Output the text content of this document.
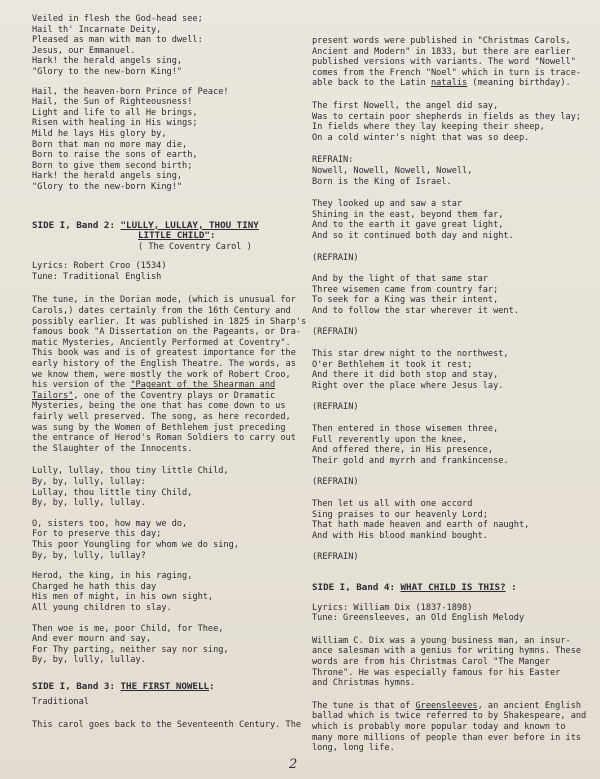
Veiled in flesh the God-head see;
Hail th' Incarnate Deity,
Pleased as man with man to dwell:
Jesus, our Emmanuel.
Hark! the herald angels sing,
"Glory to the new-born King!"
Hail, the heaven-born Prince of Peace!
Hail, the Sun of Righteousness!
Light and life to all He brings,
Risen with healing in His wings;
Mild he lays His glory by,
Born that man no more may die,
Born to raise the sons of earth,
Born to give them second birth;
Hark! the herald angels sing,
"Glory to the new-born King!"
SIDE I, Band 2: "LULLY, LULLAY, THOU TINY
LITTLE CHILD":
( The Coventry Carol )
Lyrics: Robert Croo (1534)
Tune: Traditional English
The tune, in the Dorian mode, (which is unusual for
Carols,) dates certainly from the 16th Century and
possibly earlier. It was published in 1825 in Sharp's
famous book "A Dissertation on the Pageants, or Dra-
matic Mysteries, Anciently Performed at Coventry".
This book was and is of greatest importance for the
early history of the English Theatre. The words, as
we know them, were mostly the work of Robert Croo,
his version of the "Pageant of the Shearman and
Tailors", one of the Coventry plays or Dramatic
Mysteries, being the one that has come down to us
fairly well preserved. The song, as here recorded,
was sung by the Women of Bethlehem just preceding
the entrance of Herod's Roman Soldiers to carry out
the Slaughter of the Innocents.
Lully, lullay, thou tiny little Child,
By, by, lully, lullay:
Lullay, thou little tiny Child,
By, by, lully, lullay.
O, sisters too, how may we do,
For to preserve this day;
This poor Youngling for whom we do sing,
By, by, lully, lullay?
Herod, the king, in his raging,
Charged he hath this day
His men of might, in his own sight,
All young children to slay.
Then woe is me, poor Child, for Thee,
And ever mourn and say,
For Thy parting, neither say nor sing,
By, by, lully, lullay.
SIDE I, Band 3: THE FIRST NOWELL:
Traditional
This carol goes back to the Seventeenth Century. The
present words were published in "Christmas Carols,
Ancient and Modern" in 1833, but there are earlier
published versions with variants. The word "Nowell"
comes from the French "Noel" which in turn is trace-
able back to the Latin natalis (meaning birthday).
The first Nowell, the angel did say,
Was to certain poor shepherds in fields as they lay;
In fields where they lay keeping their sheep,
On a cold winter's night that was so deep.
REFRAIN:
Nowell, Nowell, Nowell, Nowell,
Born is the King of Israel.
They looked up and saw a star
Shining in the east, beyond them far,
And to the earth it gave great light,
And so it continued both day and night.
(REFRAIN)
And by the light of that same star
Three wisemen came from country far;
To seek for a King was their intent,
And to follow the star wherever it went.
(REFRAIN)
This star drew night to the northwest,
O'er Bethlehem it took it rest;
And there it did both stop and stay,
Right over the place where Jesus lay.
(REFRAIN)
Then entered in those wisemen three,
Full reverently upon the knee,
And offered there, in His presence,
Their gold and myrrh and frankincense.
(REFRAIN)
Then let us all with one accord
Sing praises to our heavenly Lord;
That hath made heaven and earth of naught,
And with His blood mankind bought.
(REFRAIN)
SIDE I, Band 4: WHAT CHILD IS THIS? :
Lyrics: William Dix (1837-1898)
Tune: Greensleeves, an Old English Melody
William C. Dix was a young business man, an insur-
ance salesman with a genius for writing hymns. These
words are from his Christmas Carol "The Manger
Throne". He was especially famous for his Easter
and Christmas hymns.
The tune is that of Greensleeves, an ancient English
ballad which is twice referred to by Shakespeare, and
which is probably more popular today and known to
many more millions of people than ever before in its
long, long life.
2
